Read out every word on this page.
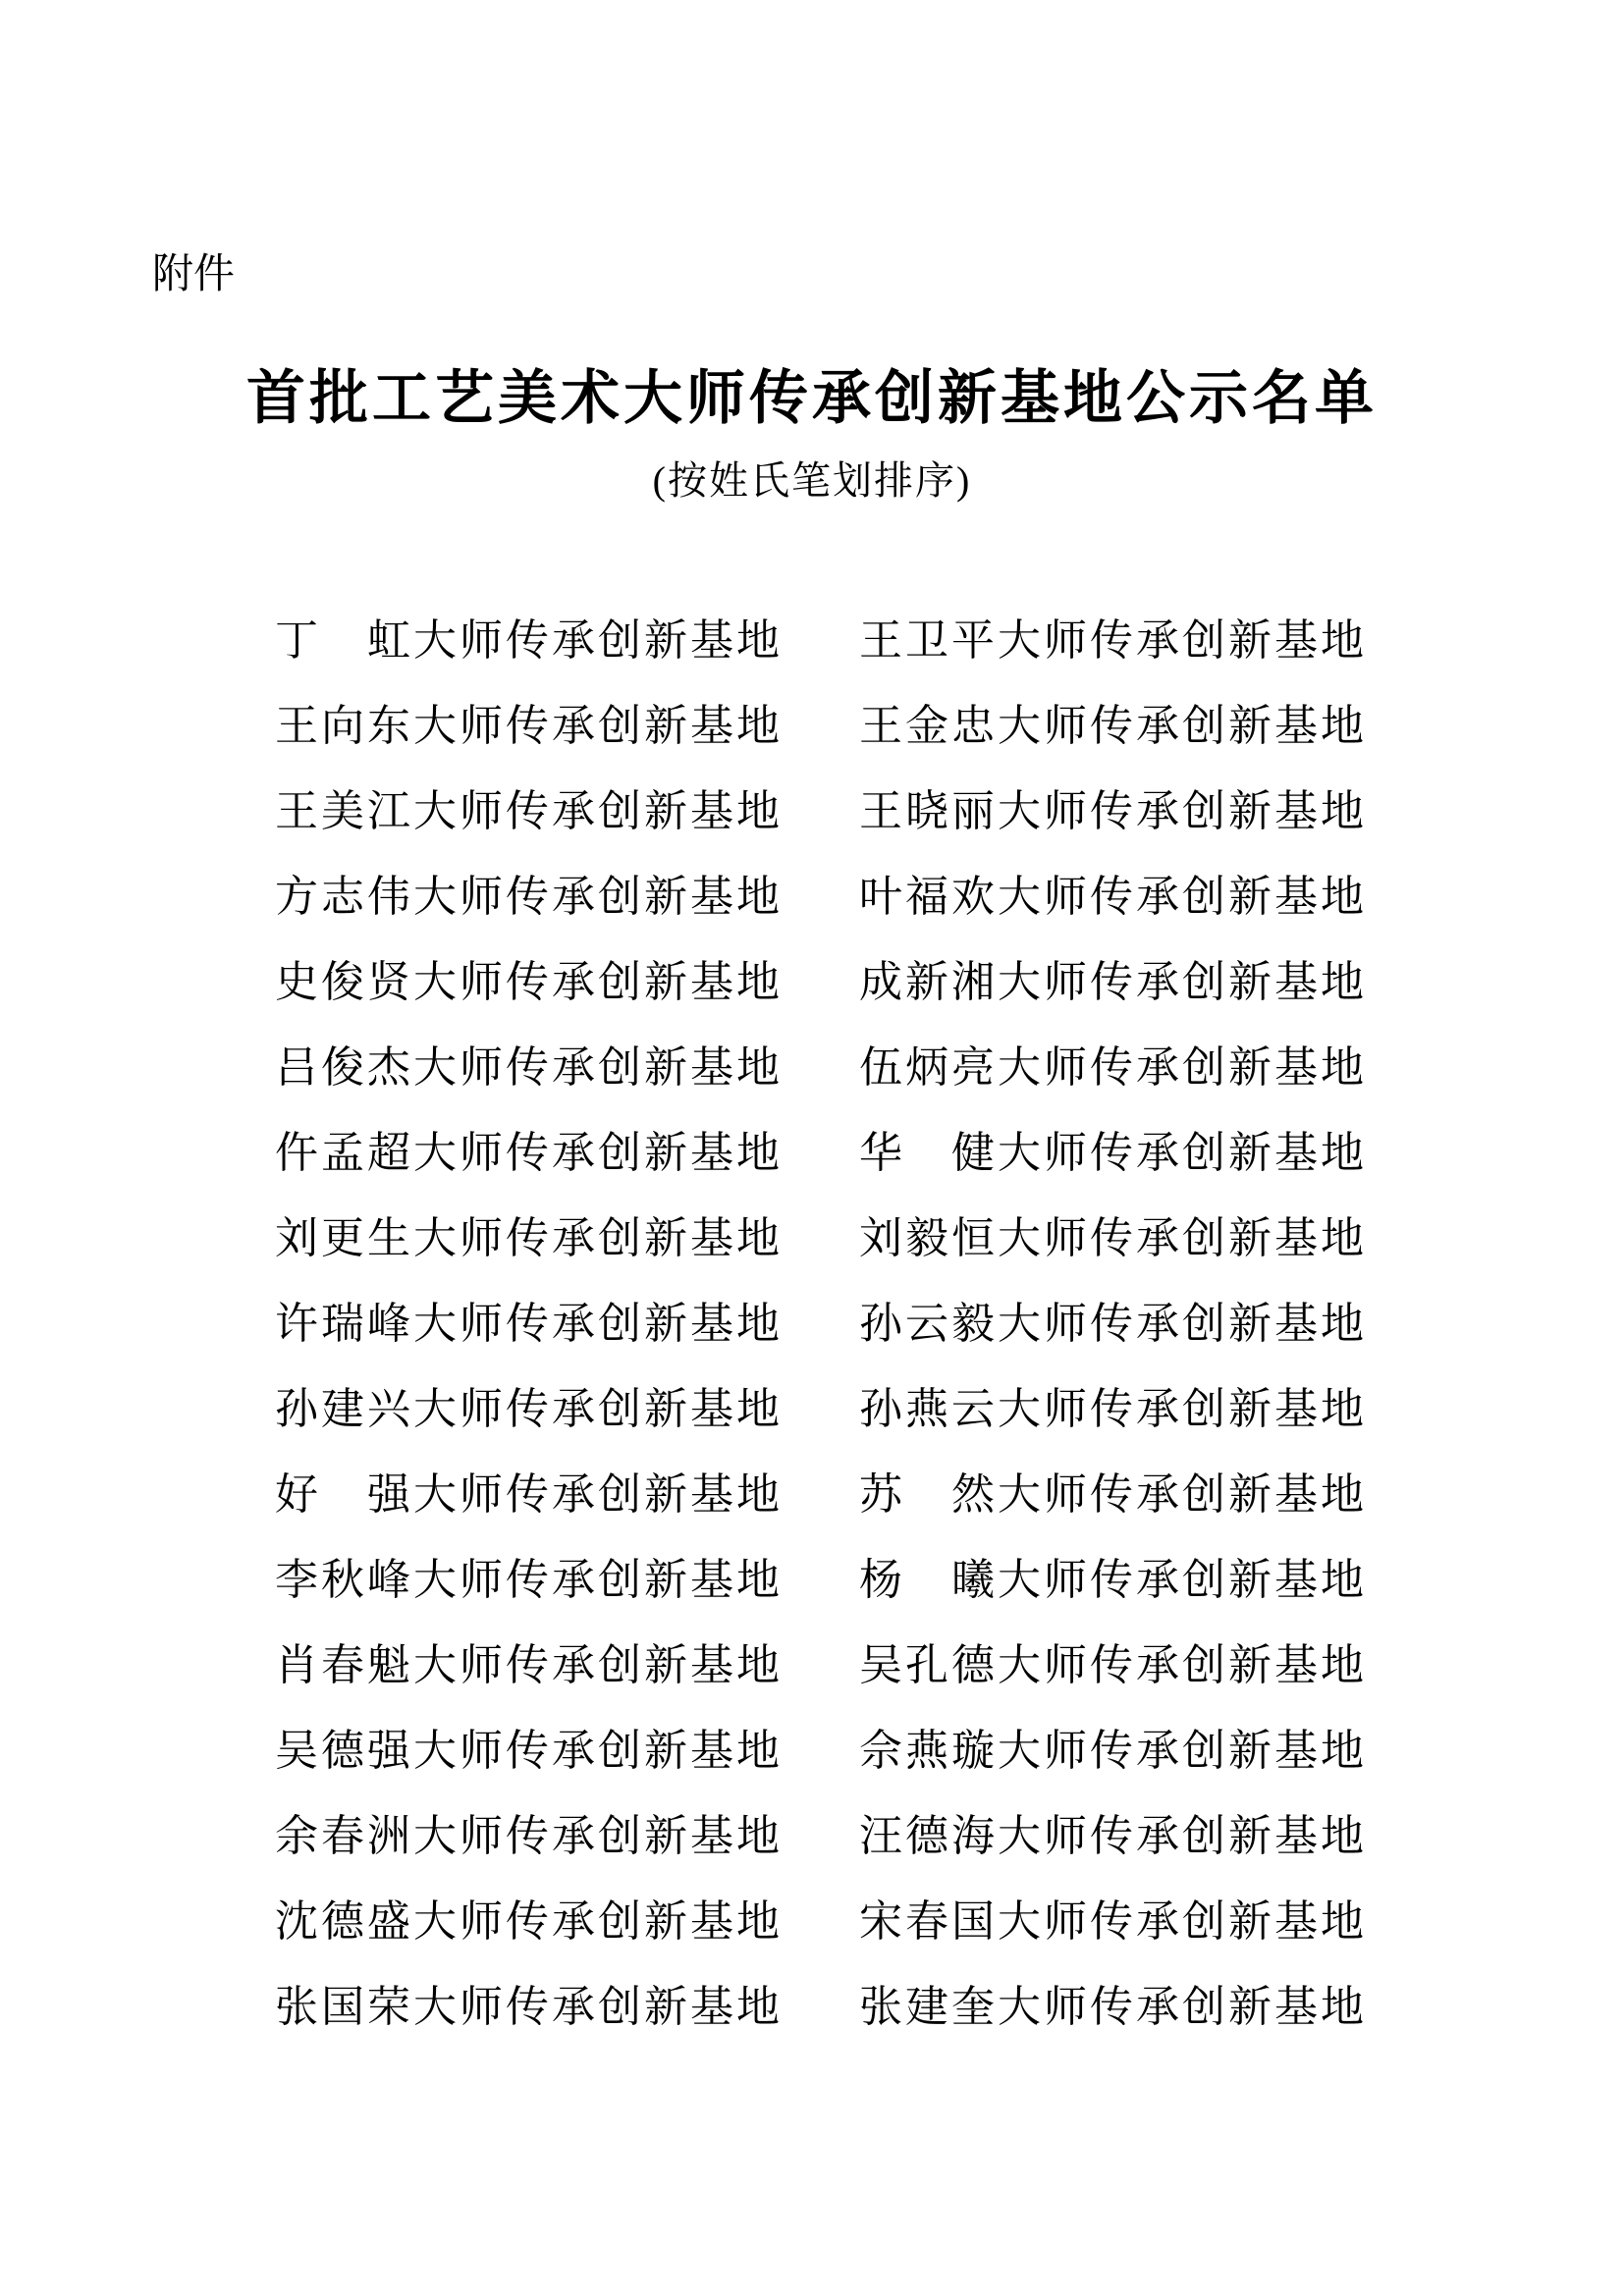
附件
首批工艺美术大师传承创新基地公示名单
(按姓氏笔划排序)
丁　虹大师传承创新基地	王卫平大师传承创新基地
王向东大师传承创新基地	王金忠大师传承创新基地
王美江大师传承创新基地	王晓丽大师传承创新基地
方志伟大师传承创新基地	叶福欢大师传承创新基地
史俊贤大师传承创新基地	成新湘大师传承创新基地
吕俊杰大师传承创新基地	伍炳亮大师传承创新基地
仵孟超大师传承创新基地	华　健大师传承创新基地
刘更生大师传承创新基地	刘毅恒大师传承创新基地
许瑞峰大师传承创新基地	孙云毅大师传承创新基地
孙建兴大师传承创新基地	孙燕云大师传承创新基地
好　强大师传承创新基地	苏　然大师传承创新基地
李秋峰大师传承创新基地	杨　曦大师传承创新基地
肖春魁大师传承创新基地	吴孔德大师传承创新基地
吴德强大师传承创新基地	佘燕璇大师传承创新基地
余春洲大师传承创新基地	汪德海大师传承创新基地
沈德盛大师传承创新基地	宋春国大师传承创新基地
张国荣大师传承创新基地	张建奎大师传承创新基地
